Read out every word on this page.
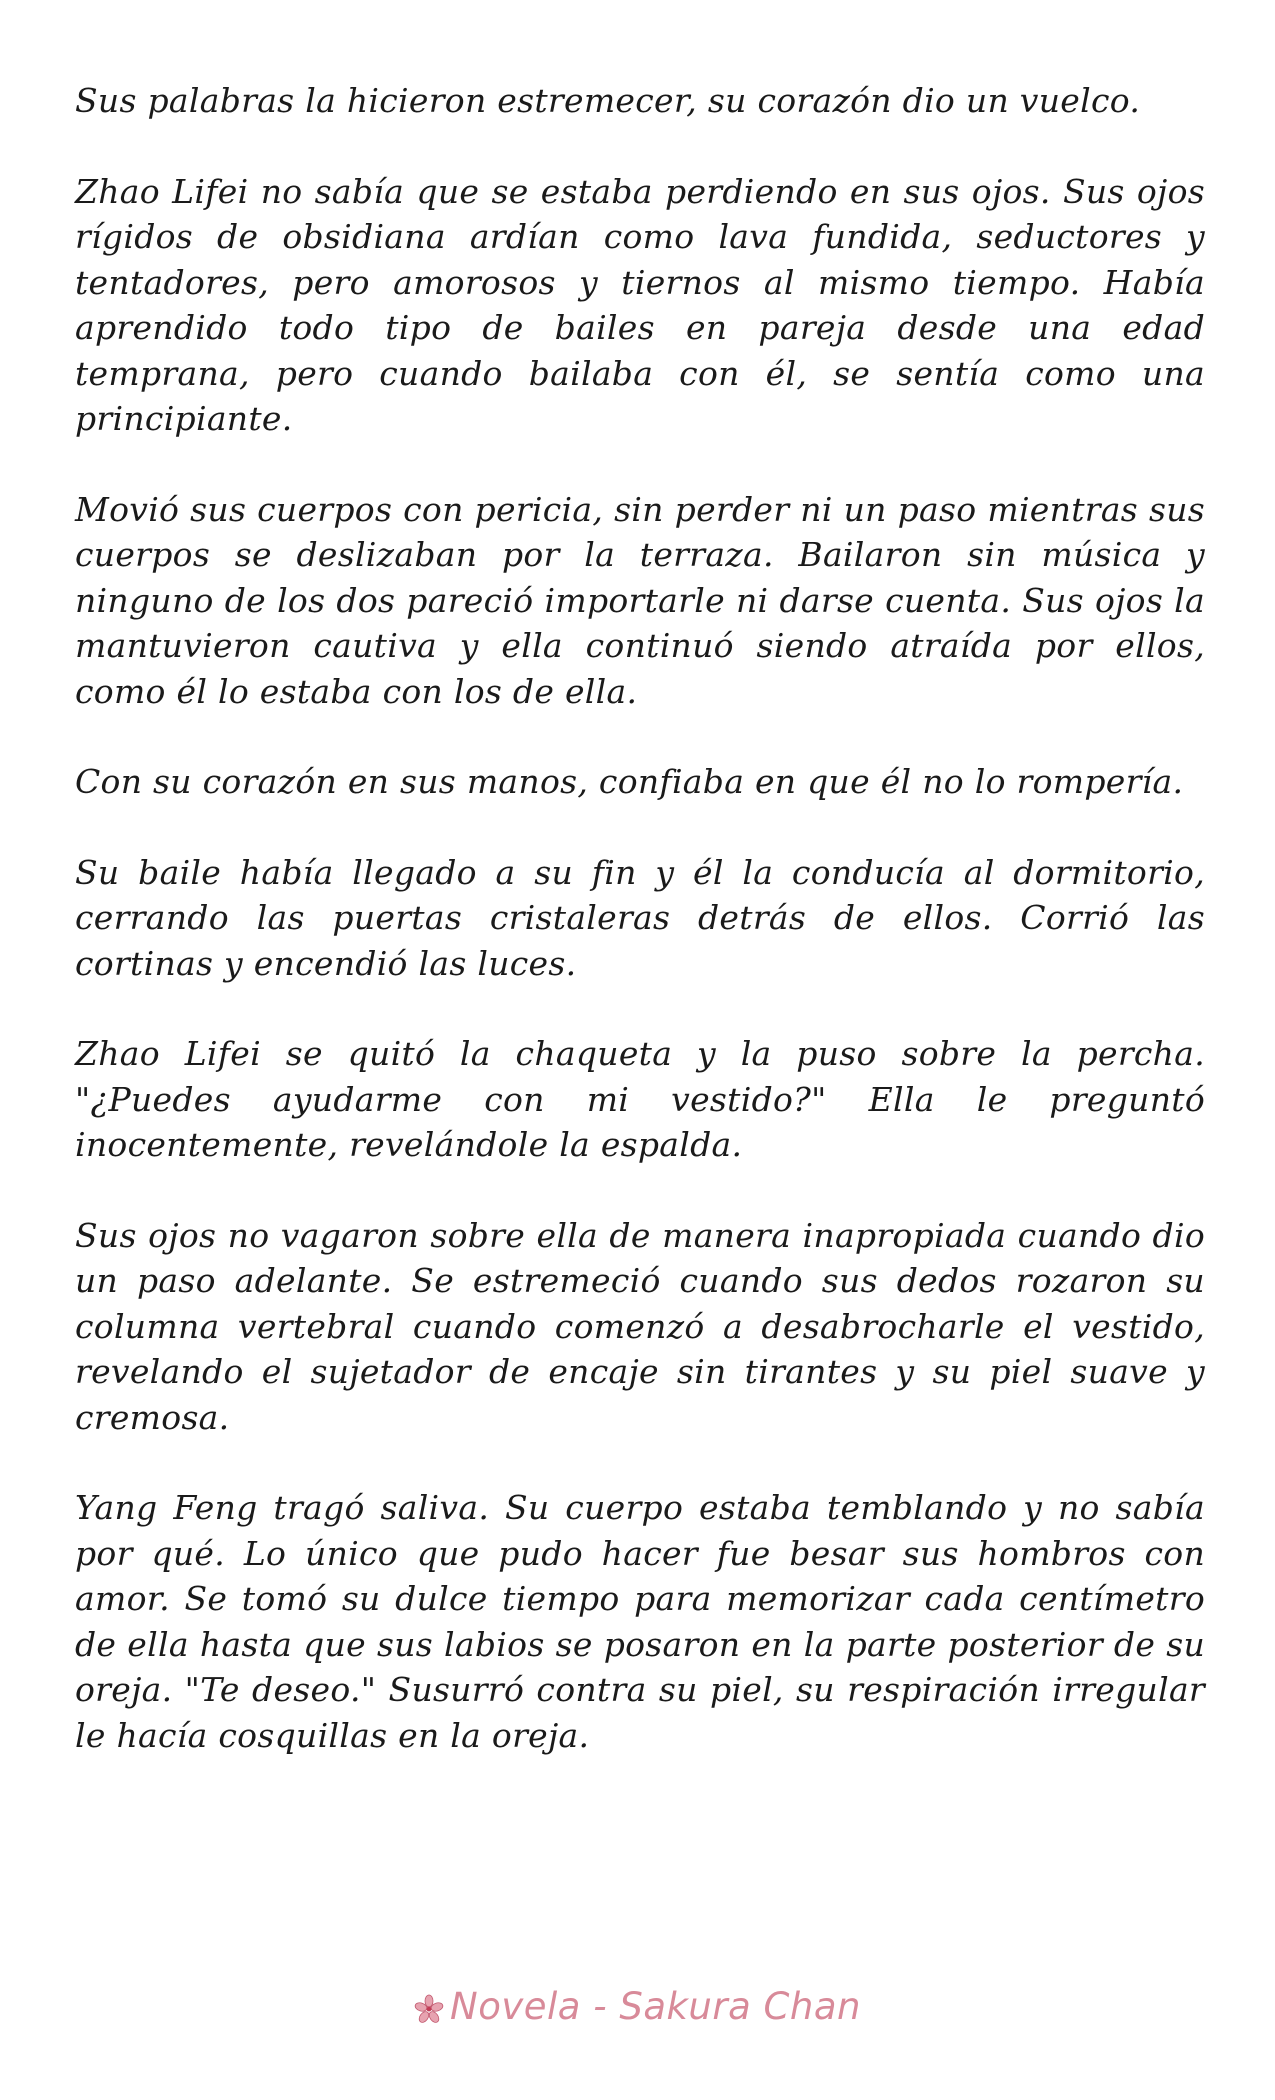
Sus palabras la hicieron estremecer, su corazón dio un vuelco.

Zhao Lifei no sabía que se estaba perdiendo en sus ojos. Sus ojos rígidos de obsidiana ardían como lava fundida, seductores y tentadores, pero amorosos y tiernos al mismo tiempo. Había aprendido todo tipo de bailes en pareja desde una edad temprana, pero cuando bailaba con él, se sentía como una principiante.

Movió sus cuerpos con pericia, sin perder ni un paso mientras sus cuerpos se deslizaban por la terraza. Bailaron sin música y ninguno de los dos pareció importarle ni darse cuenta. Sus ojos la mantuvieron cautiva y ella continuó siendo atraída por ellos, como él lo estaba con los de ella.

Con su corazón en sus manos, confiaba en que él no lo rompería.

Su baile había llegado a su fin y él la conducía al dormitorio, cerrando las puertas cristaleras detrás de ellos. Corrió las cortinas y encendió las luces.

Zhao Lifei se quitó la chaqueta y la puso sobre la percha. "¿Puedes ayudarme con mi vestido?" Ella le preguntó inocentemente, revelándole la espalda.

Sus ojos no vagaron sobre ella de manera inapropiada cuando dio un paso adelante. Se estremeció cuando sus dedos rozaron su columna vertebral cuando comenzó a desabrocharle el vestido, revelando el sujetador de encaje sin tirantes y su piel suave y cremosa.

Yang Feng tragó saliva. Su cuerpo estaba temblando y no sabía por qué. Lo único que pudo hacer fue besar sus hombros con amor. Se tomó su dulce tiempo para memorizar cada centímetro de ella hasta que sus labios se posaron en la parte posterior de su oreja. "Te deseo." Susurró contra su piel, su respiración irregular le hacía cosquillas en la oreja.

Novela - Sakura Chan
